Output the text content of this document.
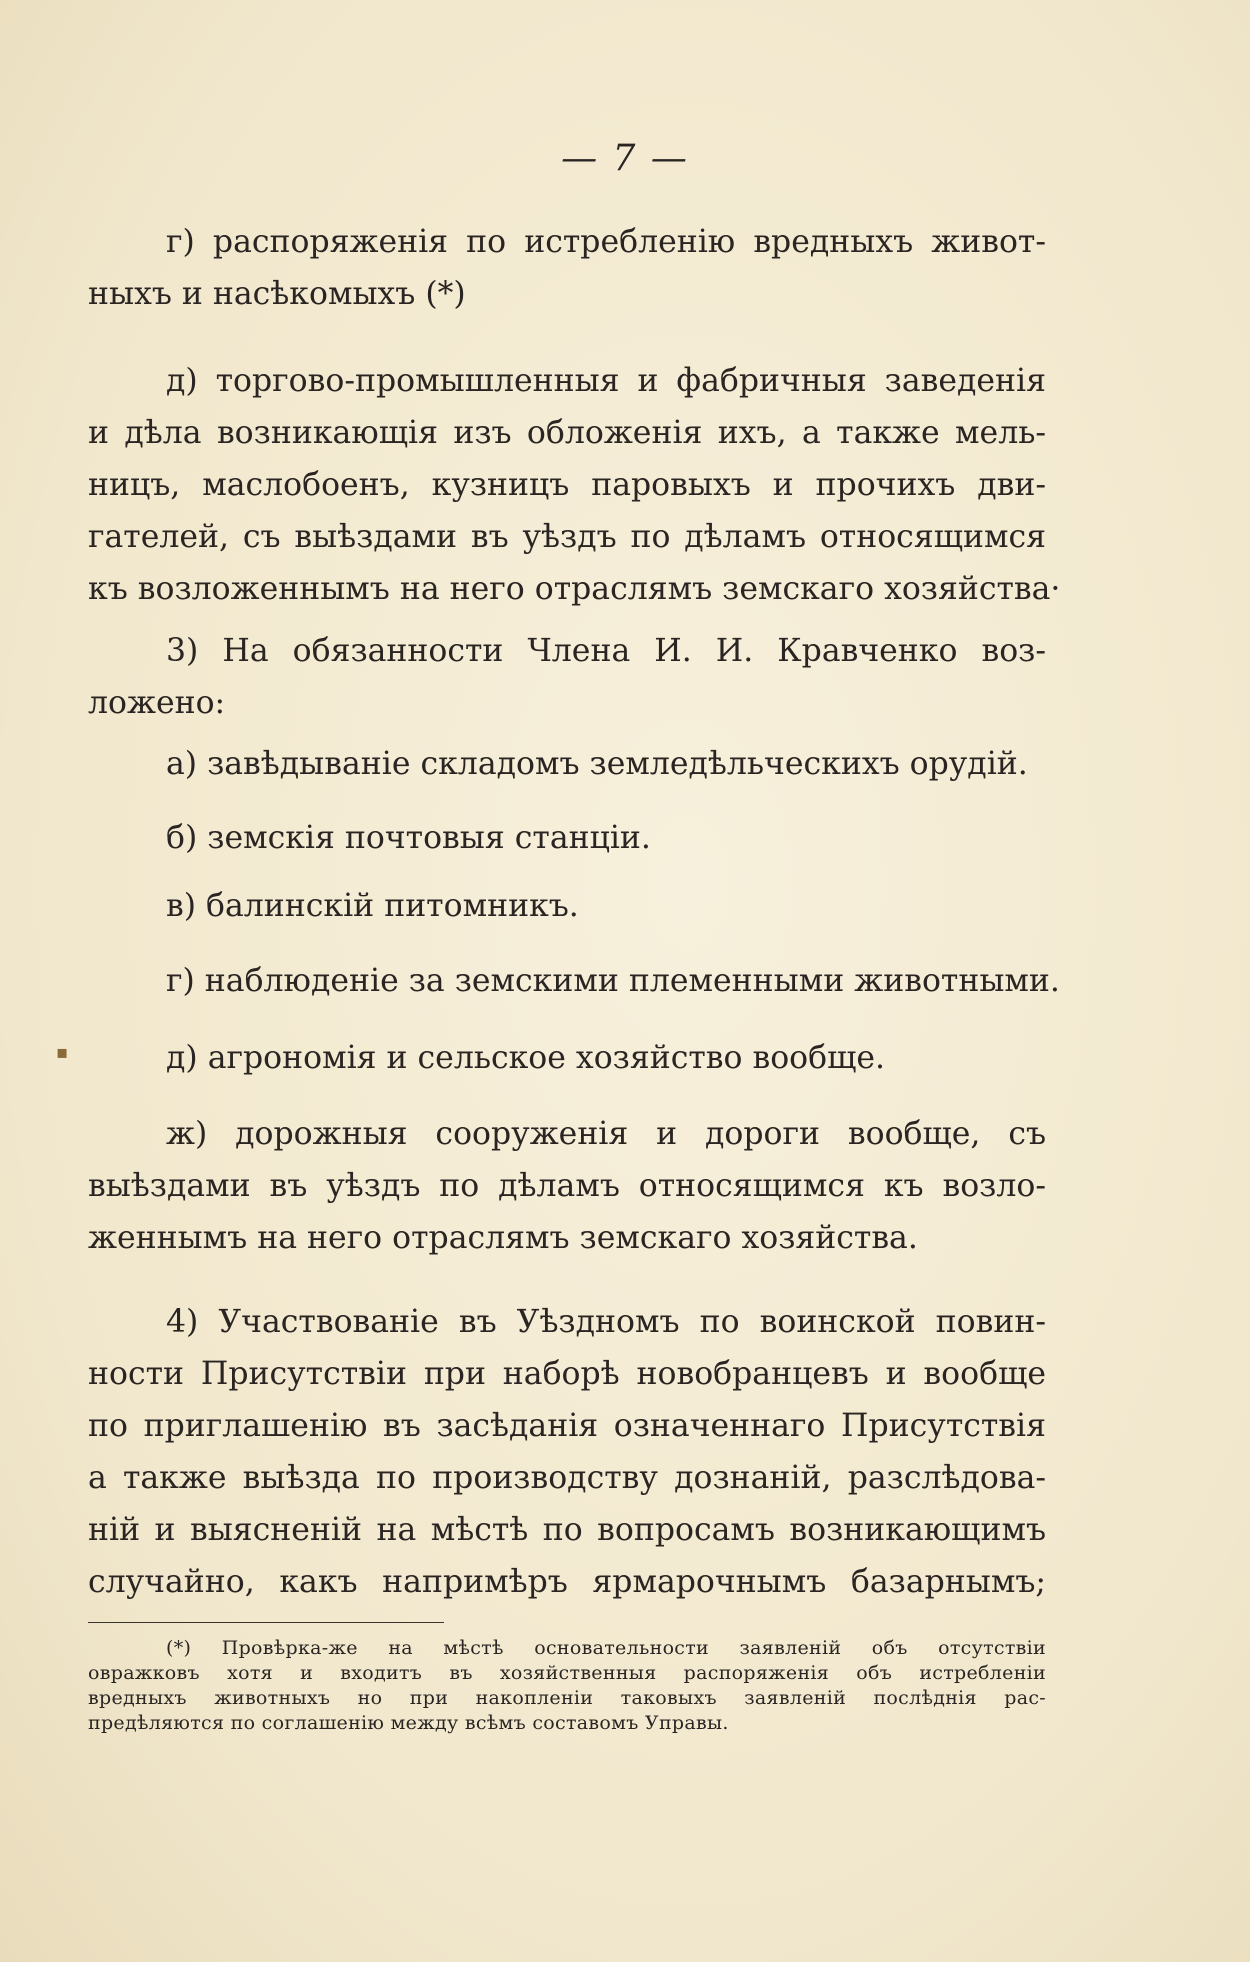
— 7 —
г) распоряженія по истребленію вредныхъ живот-
ныхъ и насѣкомыхъ (*)
д) торгово-промышленныя и фабричныя заведенія
и дѣла возникающія изъ обложенія ихъ, а также мель-
ницъ, маслобоенъ, кузницъ паровыхъ и прочихъ дви-
гателей, съ выѣздами въ уѣздъ по дѣламъ относящимся
къ возложеннымъ на него отраслямъ земскаго хозяйства·
3) На обязанности Члена И. И. Кравченко воз-
ложено:
а) завѣдываніе складомъ земледѣльческихъ орудій.
б) земскія почтовыя станціи.
в) балинскій питомникъ.
г) наблюденіе за земскими племенными животными.
▪	д) агрономія и сельское хозяйство вообще.
ж) дорожныя сооруженія и дороги вообще, съ
выѣздами въ уѣздъ по дѣламъ относящимся къ возло-
женнымъ на него отраслямъ земскаго хозяйства.
4) Участвованіе въ Уѣздномъ по воинской повин-
ности Присутствіи при наборѣ новобранцевъ и вообще
по приглашенію въ засѣданія означеннаго Присутствія
а также выѣзда по производству дознаній, разслѣдова-
ній и выясненій на мѣстѣ по вопросамъ возникающимъ
случайно, какъ напримѣръ ярмарочнымъ базарнымъ;
(*) Провѣрка-же на мѣстѣ основательности заявленій объ отсутствіи
овражковъ хотя и входитъ въ хозяйственныя распоряженія объ истребленіи
вредныхъ животныхъ но при накопленіи таковыхъ заявленій послѣднія рас-
предѣляются по соглашенію между всѣмъ составомъ Управы.
